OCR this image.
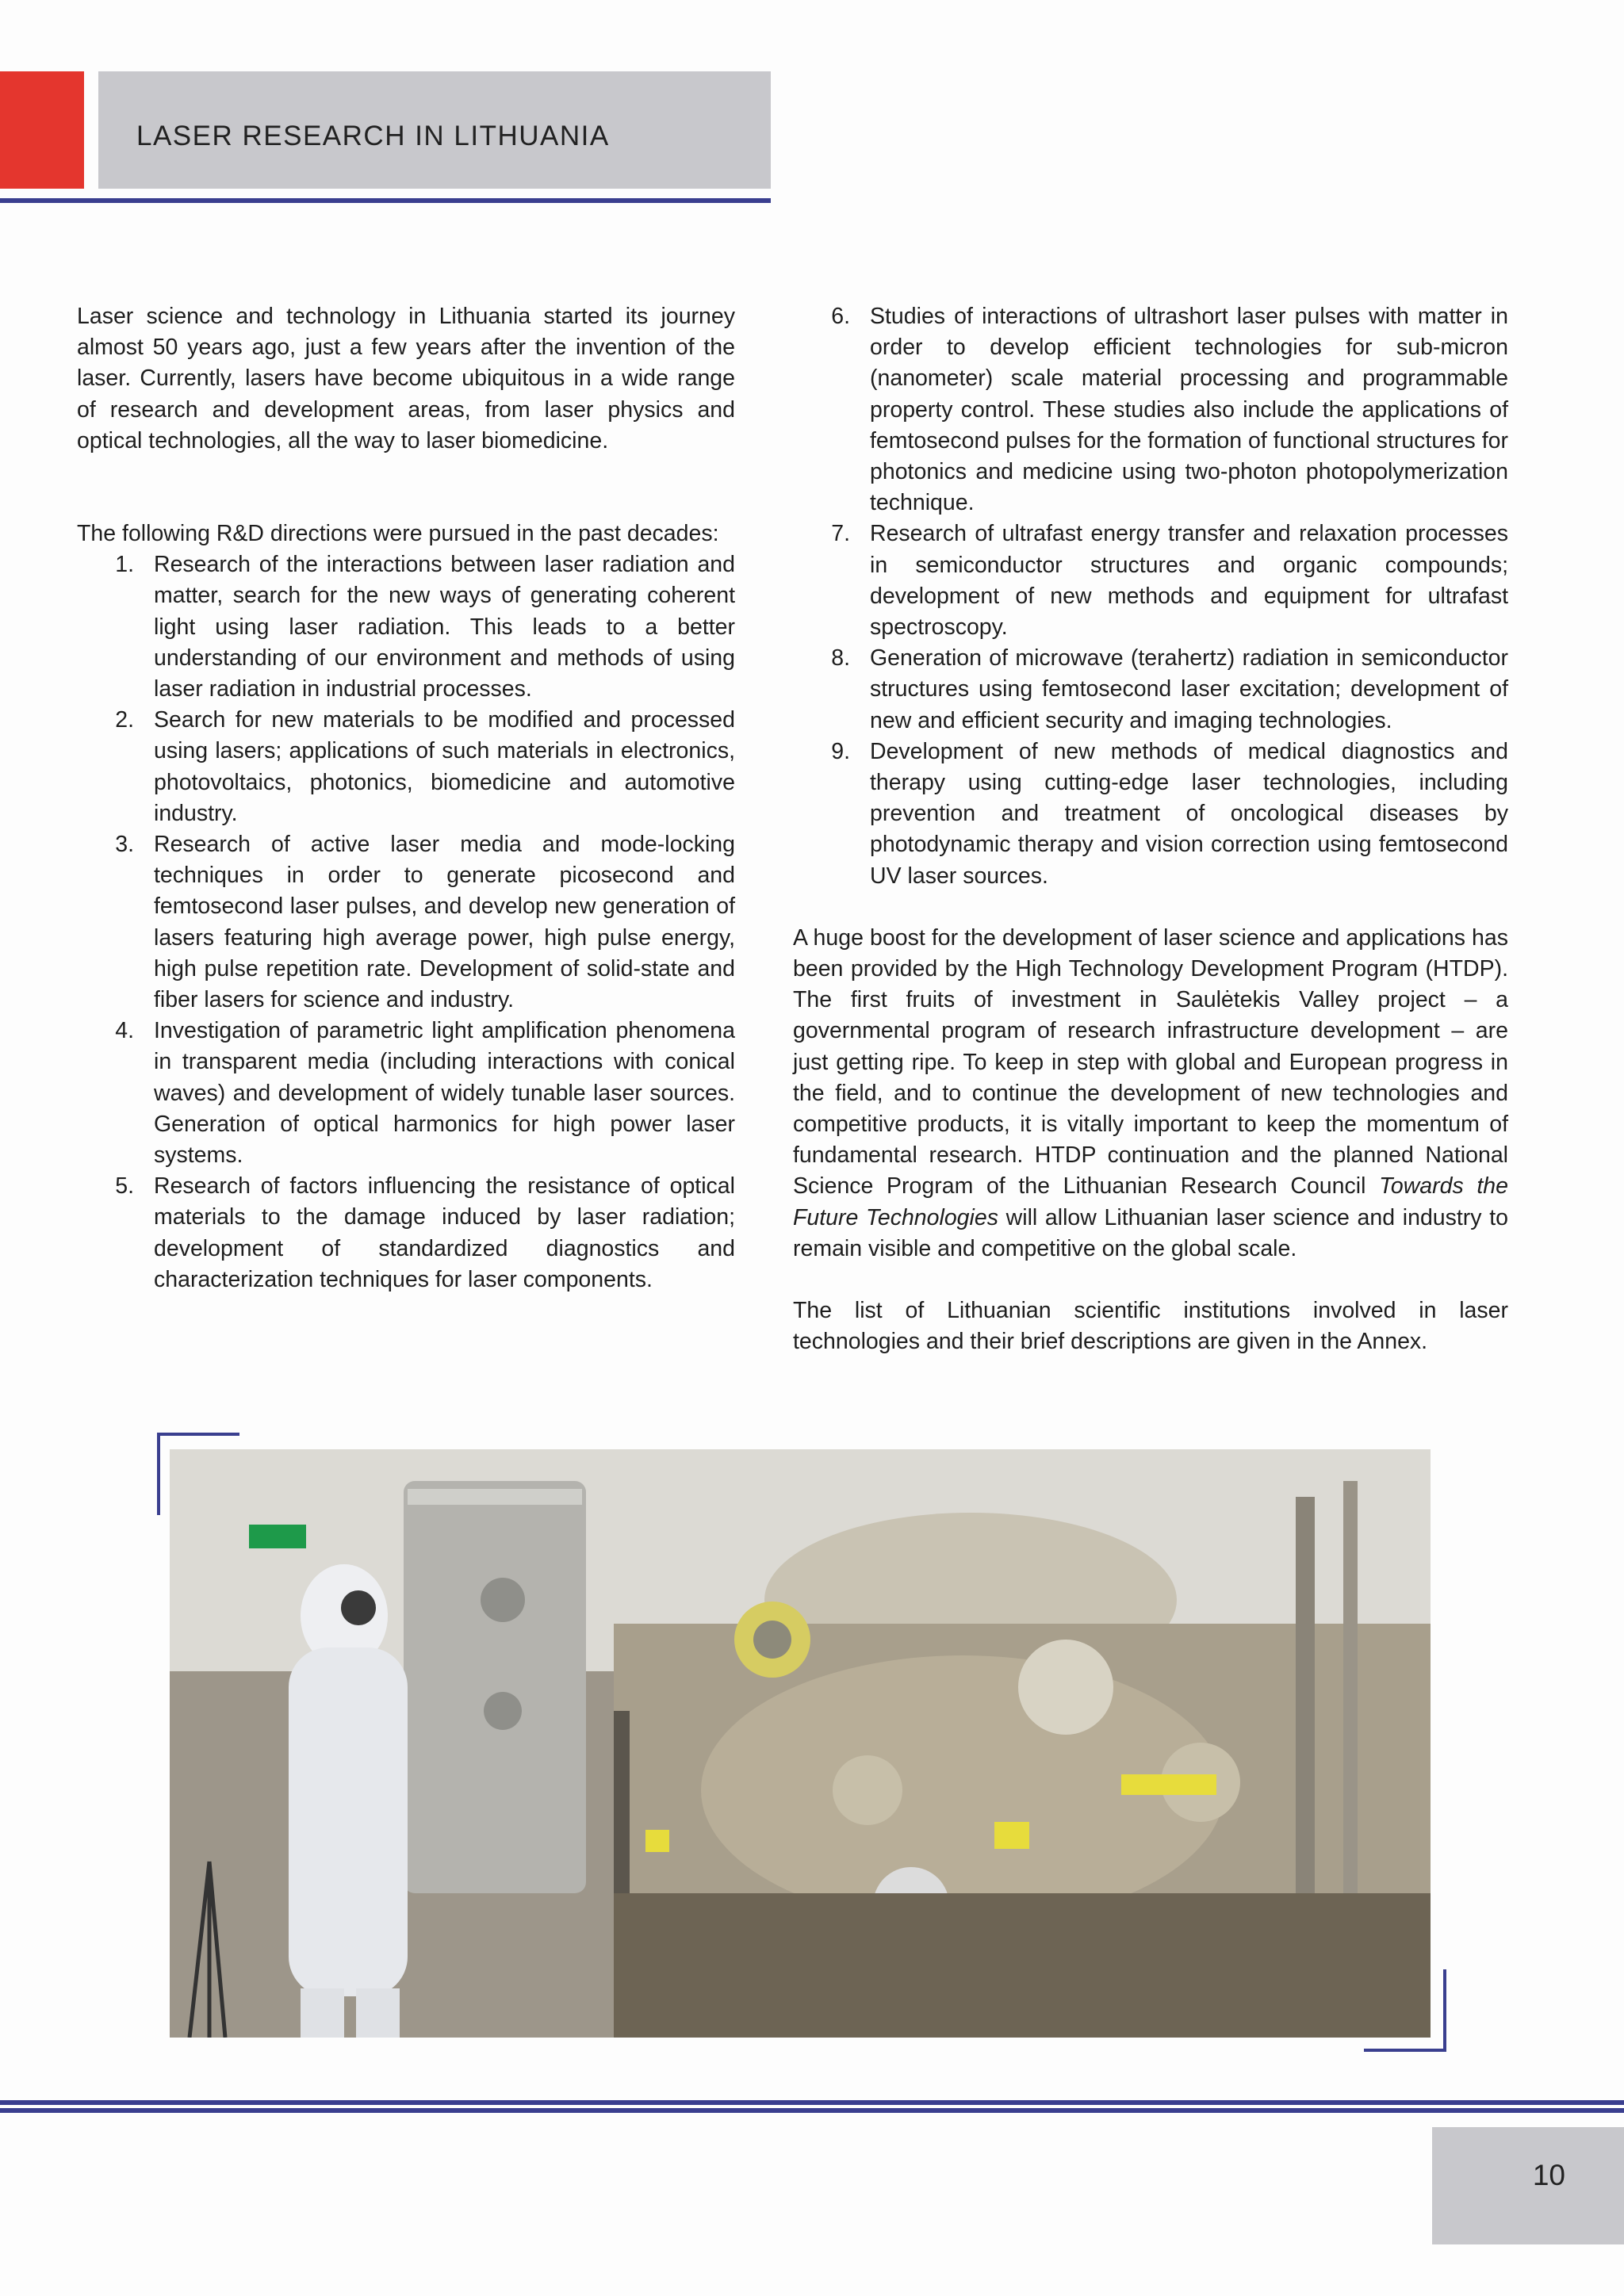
LASER RESEARCH IN LITHUANIA

Laser science and technology in Lithuania started its journey almost 50 years ago, just a few years after the invention of the laser. Currently, lasers have become ubiquitous in a wide range of research and development areas, from laser physics and optical technologies, all the way to laser biomedicine.

The following R&D directions were pursued in the past decades:

1. Research of the interactions between laser radiation and matter, search for the new ways of generating coherent light using laser radiation. This leads to a better understanding of our environment and methods of using laser radiation in industrial processes.
2. Search for new materials to be modified and processed using lasers; applications of such materials in electronics, photovoltaics, photonics, biomedicine and automotive industry.
3. Research of active laser media and mode-locking techniques in order to generate picosecond and femtosecond laser pulses, and develop new generation of lasers featuring high average power, high pulse energy, high pulse repetition rate. Development of solid-state and fiber lasers for science and industry.
4. Investigation of parametric light amplification phenomena in transparent media (including interactions with conical waves) and development of widely tunable laser sources. Generation of optical harmonics for high power laser systems.
5. Research of factors influencing the resistance of optical materials to the damage induced by laser radiation; development of standardized diagnostics and characterization techniques for laser components.
6. Studies of interactions of ultrashort laser pulses with matter in order to develop efficient technologies for sub-micron (nanometer) scale material processing and programmable property control. These studies also include the applications of femtosecond pulses for the formation of functional structures for photonics and medicine using two-photon photopolymerization technique.
7. Research of ultrafast energy transfer and relaxation processes in semiconductor structures and organic compounds; development of new methods and equipment for ultrafast spectroscopy.
8. Generation of microwave (terahertz) radiation in semiconductor structures using femtosecond laser excitation; development of new and efficient security and imaging technologies.
9. Development of new methods of medical diagnostics and therapy using cutting-edge laser technologies, including prevention and treatment of oncological diseases by photodynamic therapy and vision correction using femtosecond UV laser sources.

A huge boost for the development of laser science and applications has been provided by the High Technology Development Program (HTDP). The first fruits of investment in Saulėtekis Valley project – a governmental program of research infrastructure development – are just getting ripe. To keep in step with global and European progress in the field, and to continue the development of new technologies and competitive products, it is vitally important to keep the momentum of fundamental research. HTDP continuation and the planned National Science Program of the Lithuanian Research Council Towards the Future Technologies will allow Lithuanian laser science and industry to remain visible and competitive on the global scale.

The list of Lithuanian scientific institutions involved in laser technologies and their brief descriptions are given in the Annex.

10
